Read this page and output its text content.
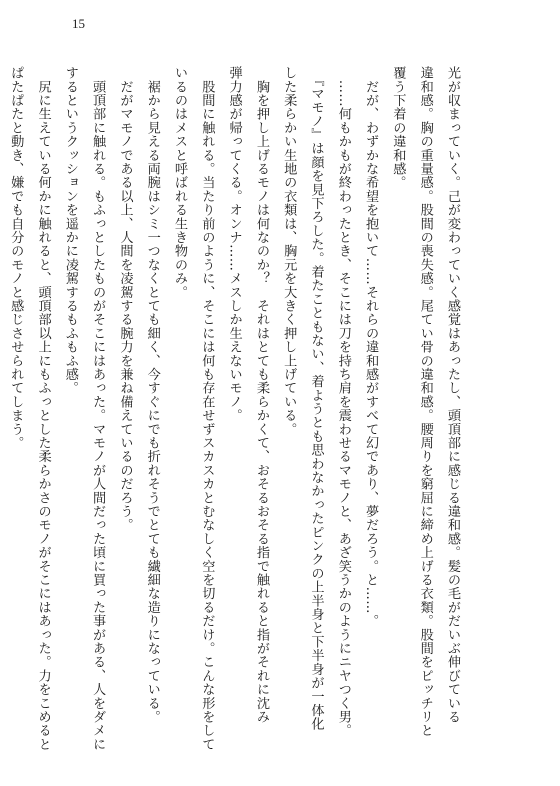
15
光が収まっていく。己が変わっていく感覚はあったし、頭頂部に感じる違和感。髪の毛がだいぶ伸びている
違和感。胸の重量感。股間の喪失感。尾てい骨の違和感。腰周りを窮屈に締め上げる衣類。股間をピッチリと
覆う下着の違和感。
　だが、わずかな希望を抱いて……それらの違和感がすべて幻であり、夢だろう。と……。
　……何もかもが終わったとき、そこには刀を持ち肩を震わせるマモノと、あざ笑うかのようにニヤつく男。
　『マモノ』は顔を見下ろした。着たこともない、着ようとも思わなかったピンクの上半身と下半身が一体化
した柔らかい生地の衣類は、胸元を大きく押し上げている。
　胸を押し上げるモノは何なのか？　それはとても柔らかくて、おそるおそる指で触れると指がそれに沈み
弾力感が帰ってくる。オンナ……メスしか生えないモノ。
　股間に触れる。当たり前のように、そこには何も存在せずスカスカとむなしく空を切るだけ。こんな形をして
いるのはメスと呼ばれる生き物のみ。
　裾から見える両腕はシミ一つなくとても細く、今すぐにでも折れそうでとても繊細な造りになっている。
　だがマモノである以上、人間を凌駕する腕力を兼ね備えているのだろう。
　頭頂部に触れる。もふっとしたものがそこにはあった。マモノが人間だった頃に買った事がある、人をダメに
するというクッションを遥かに凌駕するもふもふ感。
　尻に生えている何かに触れると、頭頂部以上にもふっとした柔らかさのモノがそこにはあった。力をこめると
ぱたぱたと動き、嫌でも自分のモノと感じさせられてしまう。
